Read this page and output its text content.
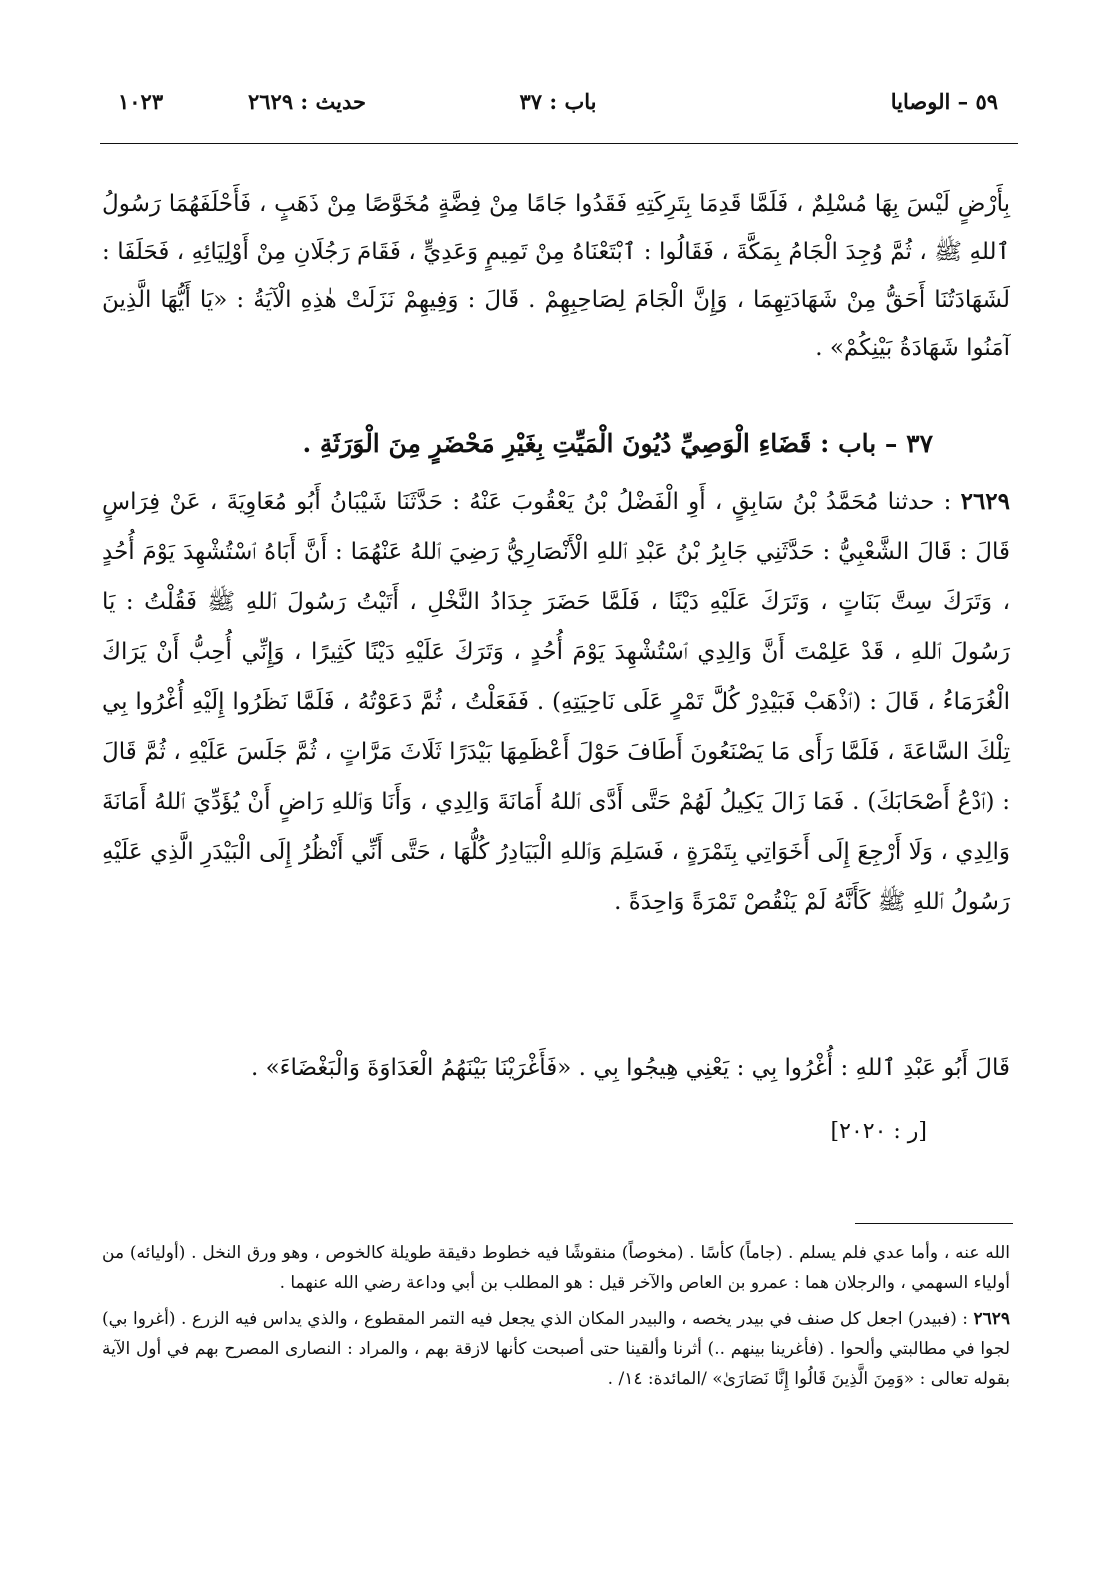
٥٩ – الوصايا
باب : ٣٧
حديث : ٢٦٢٩
١٠٢٣

بِأَرْضٍ لَيْسَ بِهَا مُسْلِمٌ ، فَلَمَّا قَدِمَا بِتَرِكَتِهِ فَقَدُوا جَامًا مِنْ فِضَّةٍ مُخَوَّصًا مِنْ ذَهَبٍ ، فَأَحْلَفَهُمَا رَسُولُ ٱللهِ ﷺ ، ثُمَّ وُجِدَ الْجَامُ بِمَكَّةَ ، فَقَالُوا : ٱبْتَعْنَاهُ مِنْ تَمِيمٍ وَعَدِيٍّ ، فَقَامَ رَجُلَانِ مِنْ أَوْلِيَائِهِ ، فَحَلَفَا : لَشَهَادَتُنَا أَحَقُّ مِنْ شَهَادَتِهِمَا ، وَإِنَّ الْجَامَ لِصَاحِبِهِمْ . قَالَ : وَفِيهِمْ نَزَلَتْ هٰذِهِ الْآيَةُ : «يَا أَيُّهَا الَّذِينَ آمَنُوا شَهَادَةُ بَيْنِكُمْ» .

٣٧ – باب : قَضَاءِ الْوَصِيِّ دُيُونَ الْمَيِّتِ بِغَيْرِ مَحْضَرٍ مِنَ الْوَرَثَةِ .

٢٦٢٩ : حدثنا مُحَمَّدُ بْنُ سَابِقٍ ، أَوِ الْفَضْلُ بْنُ يَعْقُوبَ عَنْهُ : حَدَّثَنَا شَيْبَانُ أَبُو مُعَاوِيَةَ ، عَنْ فِرَاسٍ قَالَ : قَالَ الشَّعْبِيُّ : حَدَّثَنِي جَابِرُ بْنُ عَبْدِ ٱللهِ الْأَنْصَارِيُّ رَضِيَ ٱللهُ عَنْهُمَا : أَنَّ أَبَاهُ ٱسْتُشْهِدَ يَوْمَ أُحُدٍ ، وَتَرَكَ سِتَّ بَنَاتٍ ، وَتَرَكَ عَلَيْهِ دَيْنًا ، فَلَمَّا حَضَرَ جِدَادُ النَّخْلِ ، أَتَيْتُ رَسُولَ ٱللهِ ﷺ فَقُلْتُ : يَا رَسُولَ ٱللهِ ، قَدْ عَلِمْتَ أَنَّ وَالِدِي ٱسْتُشْهِدَ يَوْمَ أُحُدٍ ، وَتَرَكَ عَلَيْهِ دَيْنًا كَثِيرًا ، وَإِنِّي أُحِبُّ أَنْ يَرَاكَ الْغُرَمَاءُ ، قَالَ : (ٱذْهَبْ فَبَيْدِرْ كُلَّ تَمْرٍ عَلَى نَاحِيَتِهِ) . فَفَعَلْتُ ، ثُمَّ دَعَوْتُهُ ، فَلَمَّا نَظَرُوا إِلَيْهِ أُغْرُوا بِي تِلْكَ السَّاعَةَ ، فَلَمَّا رَأَى مَا يَصْنَعُونَ أَطَافَ حَوْلَ أَعْظَمِهَا بَيْدَرًا ثَلَاثَ مَرَّاتٍ ، ثُمَّ جَلَسَ عَلَيْهِ ، ثُمَّ قَالَ : (ٱدْعُ أَصْحَابَكَ) . فَمَا زَالَ يَكِيلُ لَهُمْ حَتَّى أَدَّى ٱللهُ أَمَانَةَ وَالِدِي ، وَأَنَا وَٱللهِ رَاضٍ أَنْ يُؤَدِّيَ ٱللهُ أَمَانَةَ وَالِدِي ، وَلَا أَرْجِعَ إِلَى أَخَوَاتِي بِتَمْرَةٍ ، فَسَلِمَ وَٱللهِ الْبَيَادِرُ كُلُّهَا ، حَتَّى أَنِّي أَنْظُرُ إِلَى الْبَيْدَرِ الَّذِي عَلَيْهِ رَسُولُ ٱللهِ ﷺ كَأَنَّهُ لَمْ يَنْقُصْ تَمْرَةً وَاحِدَةً .

قَالَ أَبُو عَبْدِ ٱللهِ : أُغْرُوا بِي : يَعْنِي هِيجُوا بِي . «فَأَغْرَيْنَا بَيْنَهُمُ الْعَدَاوَةَ وَالْبَغْضَاءَ» .

[ر : ٢٠٢٠]

الله عنه ، وأما عدي فلم يسلم . (جاماً) كأسًا . (مخوصاً) منقوشًا فيه خطوط دقيقة طويلة كالخوص ، وهو ورق النخل . (أوليائه) من أولياء السهمي ، والرجلان هما : عمرو بن العاص والآخر قيل : هو المطلب بن أبي وداعة رضي الله عنهما .

٢٦٢٩ : (فبيدر) اجعل كل صنف في بيدر يخصه ، والبيدر المكان الذي يجعل فيه التمر المقطوع ، والذي يداس فيه الزرع . (أغروا بي) لجوا في مطالبتي وألحوا . (فأغرينا بينهم ..) أثرنا وألقينا حتى أصبحت كأنها لازقة بهم ، والمراد : النصارى المصرح بهم في أول الآية بقوله تعالى : «وَمِنَ الَّذِينَ قَالُوا إِنَّا نَصَارَىٰ» /المائدة: ١٤/ .
